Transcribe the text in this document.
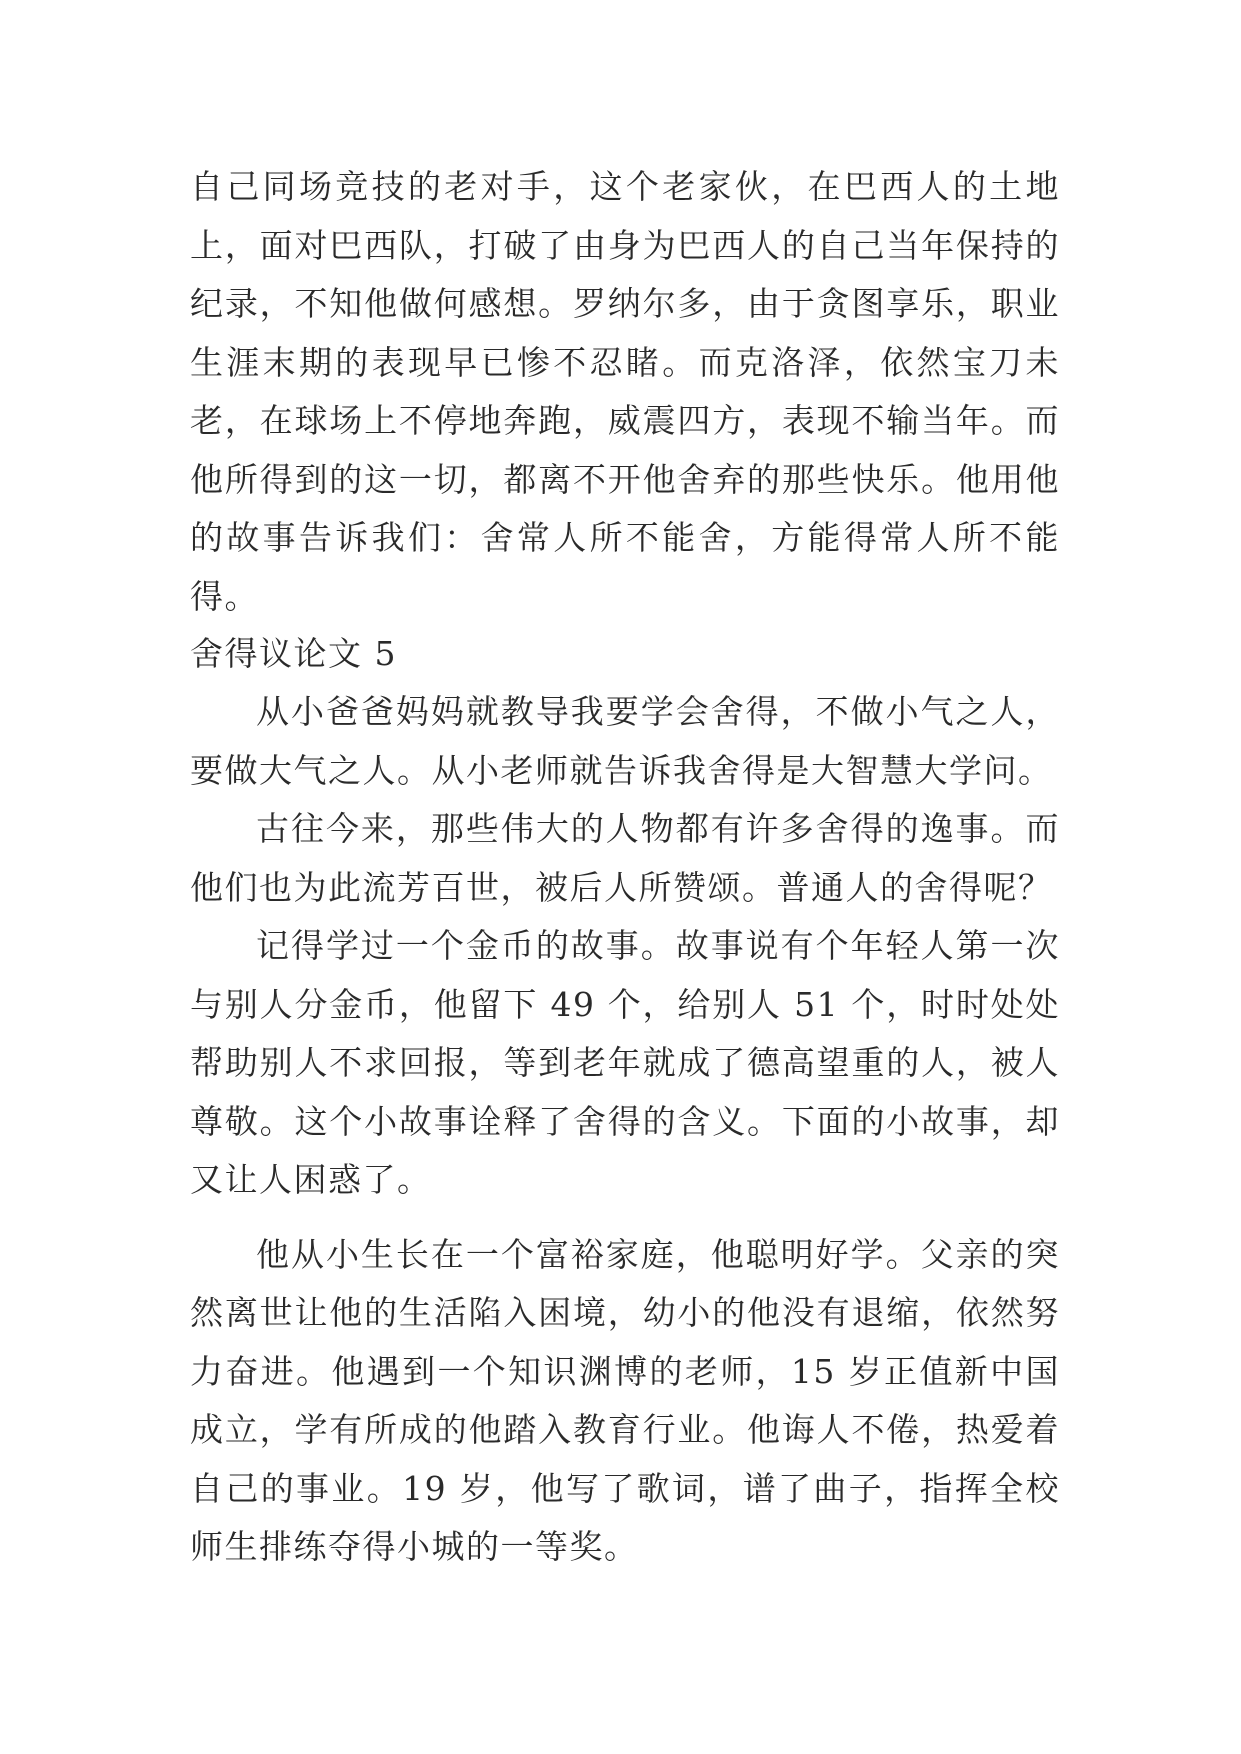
自己同场竞技的老对手，这个老家伙，在巴西人的土地上，面对巴西队，打破了由身为巴西人的自己当年保持的纪录，不知他做何感想。罗纳尔多，由于贪图享乐，职业生涯末期的表现早已惨不忍睹。而克洛泽，依然宝刀未老，在球场上不停地奔跑，威震四方，表现不输当年。而他所得到的这一切，都离不开他舍弃的那些快乐。他用他的故事告诉我们：舍常人所不能舍，方能得常人所不能得。
舍得议论文 5

从小爸爸妈妈就教导我要学会舍得，不做小气之人，要做大气之人。从小老师就告诉我舍得是大智慧大学问。

古往今来，那些伟大的人物都有许多舍得的逸事。而他们也为此流芳百世，被后人所赞颂。普通人的舍得呢？

记得学过一个金币的故事。故事说有个年轻人第一次与别人分金币，他留下 49 个，给别人 51 个，时时处处帮助别人不求回报，等到老年就成了德高望重的人，被人尊敬。这个小故事诠释了舍得的含义。下面的小故事，却又让人困惑了。

他从小生长在一个富裕家庭，他聪明好学。父亲的突然离世让他的生活陷入困境，幼小的他没有退缩，依然努力奋进。他遇到一个知识渊博的老师，15 岁正值新中国成立，学有所成的他踏入教育行业。他诲人不倦，热爱着自己的事业。19 岁，他写了歌词，谱了曲子，指挥全校师生排练夺得小城的一等奖。
